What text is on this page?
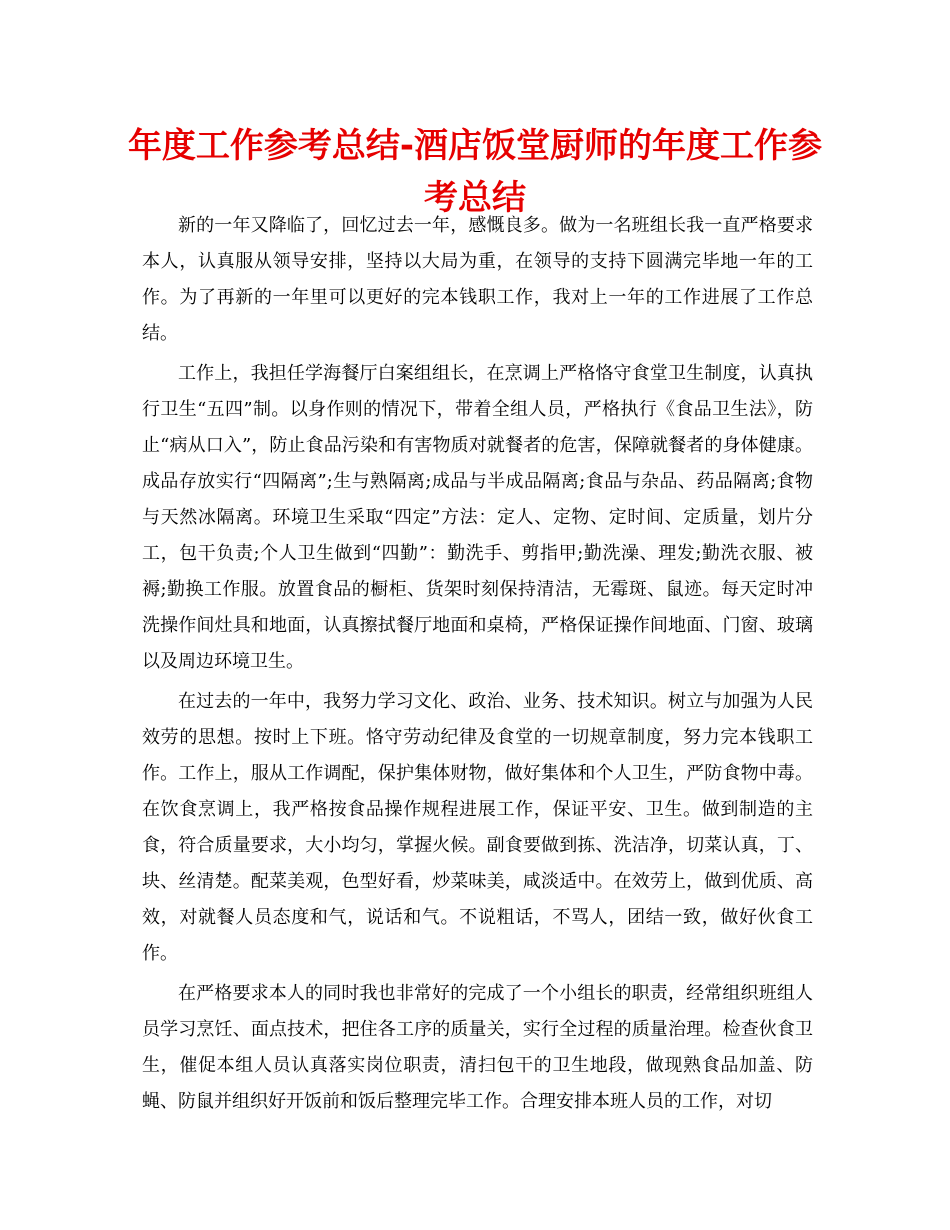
年度工作参考总结-酒店饭堂厨师的年度工作参考总结

新的一年又降临了，回忆过去一年，感慨良多。做为一名班组长我一直严格要求本人，认真服从领导安排，坚持以大局为重，在领导的支持下圆满完毕地一年的工作。为了再新的一年里可以更好的完本钱职工作，我对上一年的工作进展了工作总结。

工作上，我担任学海餐厅白案组组长，在烹调上严格恪守食堂卫生制度，认真执行卫生“五四”制。以身作则的情况下，带着全组人员，严格执行《食品卫生法》，防止“病从口入”，防止食品污染和有害物质对就餐者的危害，保障就餐者的身体健康。成品存放实行“四隔离”;生与熟隔离;成品与半成品隔离;食品与杂品、药品隔离;食物与天然冰隔离。环境卫生采取“四定”方法：定人、定物、定时间、定质量，划片分工，包干负责;个人卫生做到“四勤”：勤洗手、剪指甲;勤洗澡、理发;勤洗衣服、被褥;勤换工作服。放置食品的橱柜、货架时刻保持清洁，无霉斑、鼠迹。每天定时冲洗操作间灶具和地面，认真擦拭餐厅地面和桌椅，严格保证操作间地面、门窗、玻璃以及周边环境卫生。

在过去的一年中，我努力学习文化、政治、业务、技术知识。树立与加强为人民效劳的思想。按时上下班。恪守劳动纪律及食堂的一切规章制度，努力完本钱职工作。工作上，服从工作调配，保护集体财物，做好集体和个人卫生，严防食物中毒。在饮食烹调上，我严格按食品操作规程进展工作，保证平安、卫生。做到制造的主食，符合质量要求，大小均匀，掌握火候。副食要做到拣、洗洁净，切菜认真，丁、块、丝清楚。配菜美观，色型好看，炒菜味美，咸淡适中。在效劳上，做到优质、高效，对就餐人员态度和气，说话和气。不说粗话，不骂人，团结一致，做好伙食工作。

在严格要求本人的同时我也非常好的完成了一个小组长的职责，经常组织班组人员学习烹饪、面点技术，把住各工序的质量关，实行全过程的质量治理。检查伙食卫生，催促本组人员认真落实岗位职责，清扫包干的卫生地段，做现熟食品加盖、防蝇、防鼠并组织好开饭前和饭后整理完毕工作。合理安排本班人员的工作，对切
